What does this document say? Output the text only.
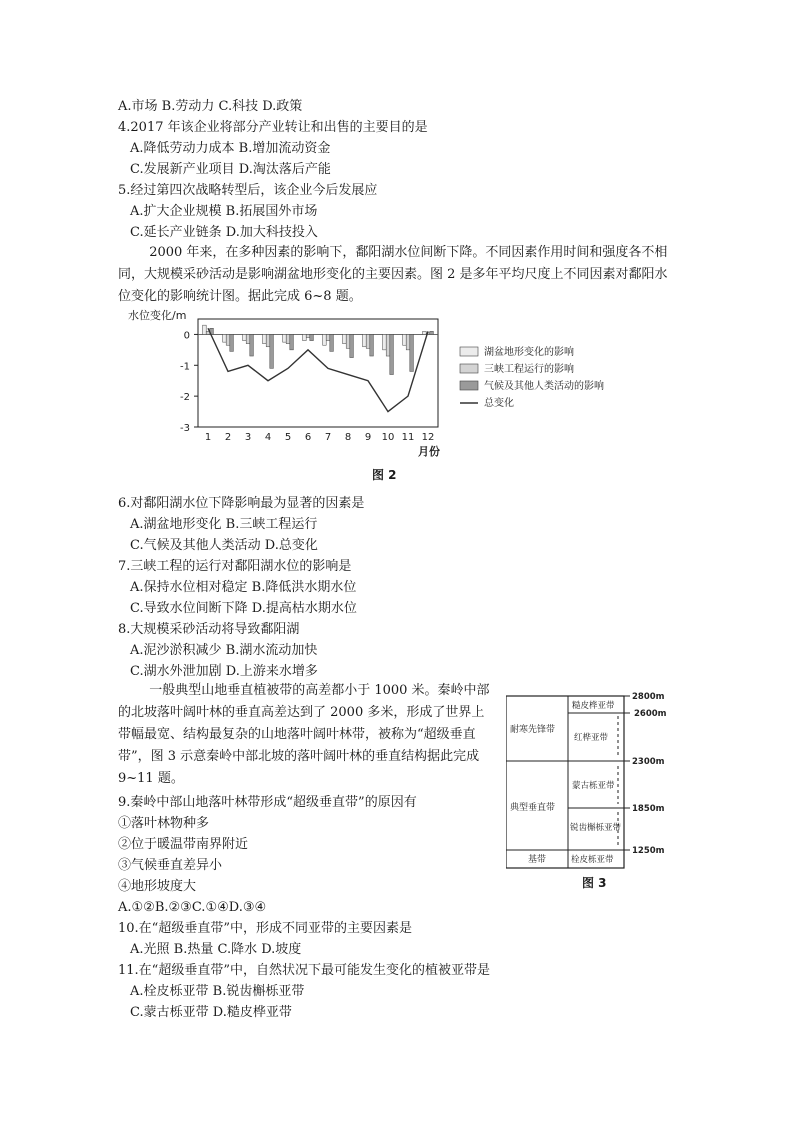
A.市场 B.劳动力 C.科技 D.政策
4.2017 年该企业将部分产业转让和出售的主要目的是
A.降低劳动力成本 B.增加流动资金
C.发展新产业项目 D.淘汰落后产能
5.经过第四次战略转型后，该企业今后发展应
A.扩大企业规模 B.拓展国外市场
C.延长产业链条 D.加大科技投入
2000 年来，在多种因素的影响下，鄱阳湖水位间断下降。不同因素作用时间和强度各不相同，大规模采砂活动是影响湖盆地形变化的主要因素。图 2 是多年平均尺度上不同因素对鄱阳水位变化的影响统计图。据此完成 6~8 题。
水位变化/m
0
-1
-2
-3
1 2 3 4 5 6 7 8 9 10 11 12
月份
湖盆地形变化的影响
三峡工程运行的影响
气候及其他人类活动的影响
总变化
图 2
6.对鄱阳湖水位下降影响最为显著的因素是
A.湖盆地形变化 B.三峡工程运行
C.气候及其他人类活动 D.总变化
7.三峡工程的运行对鄱阳湖水位的影响是
A.保持水位相对稳定 B.降低洪水期水位
C.导致水位间断下降 D.提高枯水期水位
8.大规模采砂活动将导致鄱阳湖
A.泥沙淤积减少 B.湖水流动加快
C.湖水外泄加剧 D.上游来水增多
一般典型山地垂直植被带的高差都小于 1000 米。秦岭中部的北坡落叶阔叶林的垂直高差达到了 2000 多米，形成了世界上带幅最宽、结构最复杂的山地落叶阔叶林带，被称为“超级垂直带”，图 3 示意秦岭中部北坡的落叶阔叶林的垂直结构据此完成 9~11 题。
9.秦岭中部山地落叶林带形成“超级垂直带”的原因有
①落叶林物种多
②位于暖温带南界附近
③气候垂直差异小
④地形坡度大
A.①②B.②③C.①④D.③④
10.在“超级垂直带”中，形成不同亚带的主要因素是
A.光照 B.热量 C.降水 D.坡度
11.在“超级垂直带”中，自然状况下最可能发生变化的植被亚带是
A.栓皮栎亚带 B.锐齿槲栎亚带
C.蒙古栎亚带 D.糙皮桦亚带
耐寒先锋带
典型垂直带
基带
糙皮桦亚带
红桦亚带
蒙古栎亚带
锐齿槲栎亚带
栓皮栎亚带
2800m
2600m
2300m
1850m
1250m
图 3
